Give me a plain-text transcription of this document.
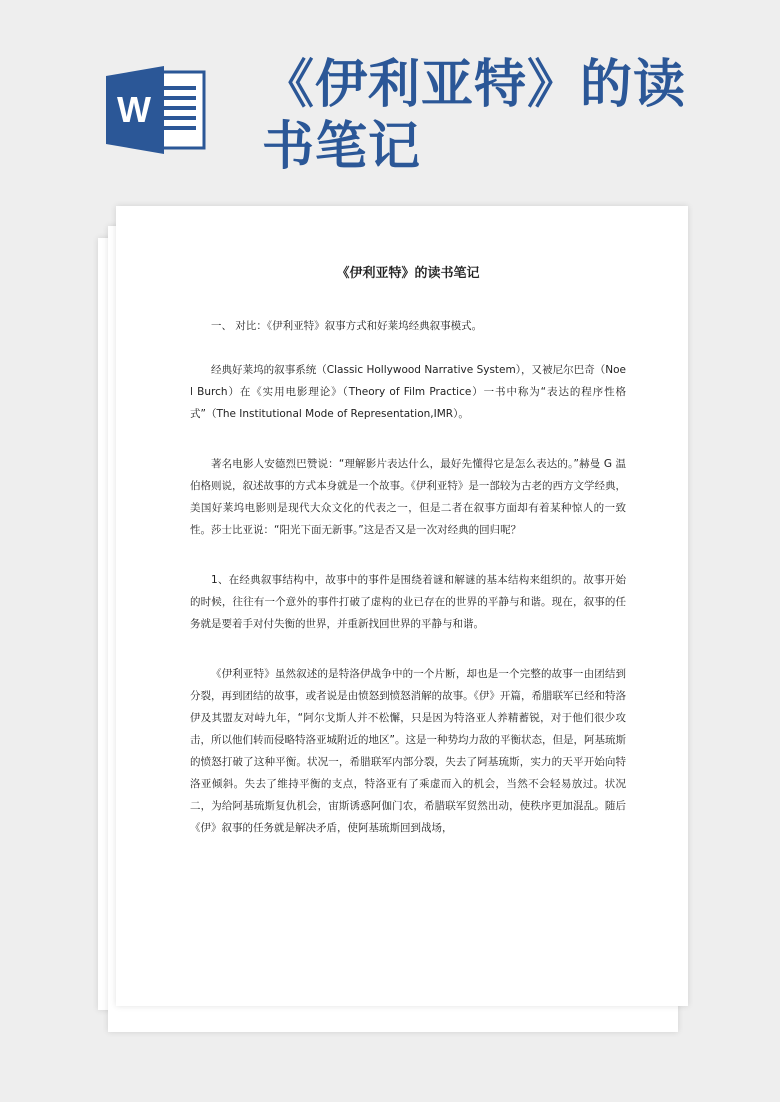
W 《伊利亚特》的读书笔记
《伊利亚特》的读书笔记

一、 对比：《伊利亚特》叙事方式和好莱坞经典叙事模式。

经典好莱坞的叙事系统（Classic Hollywood Narrative System），又被尼尔巴奇（Noel Burch）在《实用电影理论》（Theory of Film Practice）一书中称为“表达的程序性格式”（The Institutional Mode of Representation,IMR）。

著名电影人安德烈巴赞说：“理解影片表达什么，最好先懂得它是怎么表达的。”赫曼 G 温伯格则说，叙述故事的方式本身就是一个故事。《伊利亚特》是一部较为古老的西方文学经典，美国好莱坞电影则是现代大众文化的代表之一，但是二者在叙事方面却有着某种惊人的一致性。莎士比亚说：“阳光下面无新事。”这是否又是一次对经典的回归呢？

1、在经典叙事结构中，故事中的事件是围绕着谜和解谜的基本结构来组织的。故事开始的时候，往往有一个意外的事件打破了虚构的业已存在的世界的平静与和谐。现在，叙事的任务就是要着手对付失衡的世界，并重新找回世界的平静与和谐。

《伊利亚特》虽然叙述的是特洛伊战争中的一个片断，却也是一个完整的故事一由团结到分裂，再到团结的故事，或者说是由愤怒到愤怒消解的故事。《伊》开篇，希腊联军已经和特洛伊及其盟友对峙九年，“阿尔戈斯人并不松懈，只是因为特洛亚人养精蓄锐，对于他们很少攻击，所以他们转而侵略特洛亚城附近的地区”。这是一种势均力敌的平衡状态，但是，阿基琉斯的愤怒打破了这种平衡。状况一，希腊联军内部分裂，失去了阿基琉斯，实力的天平开始向特洛亚倾斜。失去了维持平衡的支点，特洛亚有了乘虚而入的机会，当然不会轻易放过。状况二，为给阿基琉斯复仇机会，宙斯诱惑阿伽门农，希腊联军贸然出动，使秩序更加混乱。随后《伊》叙事的任务就是解决矛盾，使阿基琉斯回到战场，
